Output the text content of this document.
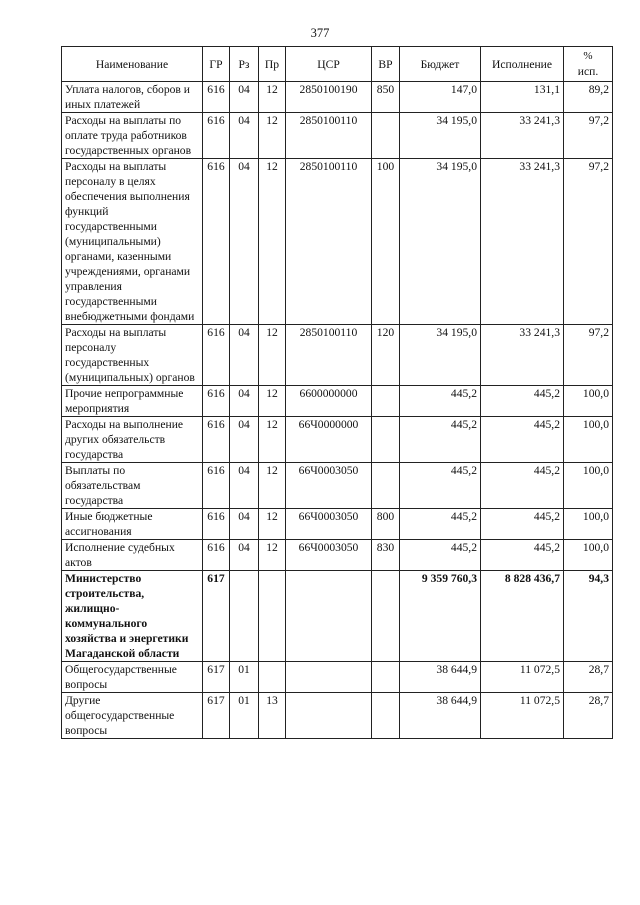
377
Наименование	ГР	Рз	Пр	ЦСР	ВР	Бюджет	Исполнение	%
исп.

Уплата налогов, сборов и иных платежей	616	04	12	2850100190	850	147,0	131,1	89,2
Расходы на выплаты по оплате труда работников государственных органов	616	04	12	2850100110		34 195,0	33 241,3	97,2
Расходы на выплаты персоналу в целях обеспечения выполнения функций государственными (муниципальными) органами, казенными учреждениями, органами управления государственными внебюджетными фондами	616	04	12	2850100110	100	34 195,0	33 241,3	97,2
Расходы на выплаты персоналу государственных (муниципальных) органов	616	04	12	2850100110	120	34 195,0	33 241,3	97,2
Прочие непрограммные мероприятия	616	04	12	6600000000		445,2	445,2	100,0
Расходы на выполнение других обязательств государства	616	04	12	66Ч0000000		445,2	445,2	100,0
Выплаты по обязательствам государства	616	04	12	66Ч0003050		445,2	445,2	100,0
Иные бюджетные ассигнования	616	04	12	66Ч0003050	800	445,2	445,2	100,0
Исполнение судебных актов	616	04	12	66Ч0003050	830	445,2	445,2	100,0
Министерство строительства, жилищно-коммунального хозяйства и энергетики Магаданской области	617					9 359 760,3	8 828 436,7	94,3
Общегосударственные вопросы	617	01				38 644,9	11 072,5	28,7
Другие общегосударственные вопросы	617	01	13			38 644,9	11 072,5	28,7
